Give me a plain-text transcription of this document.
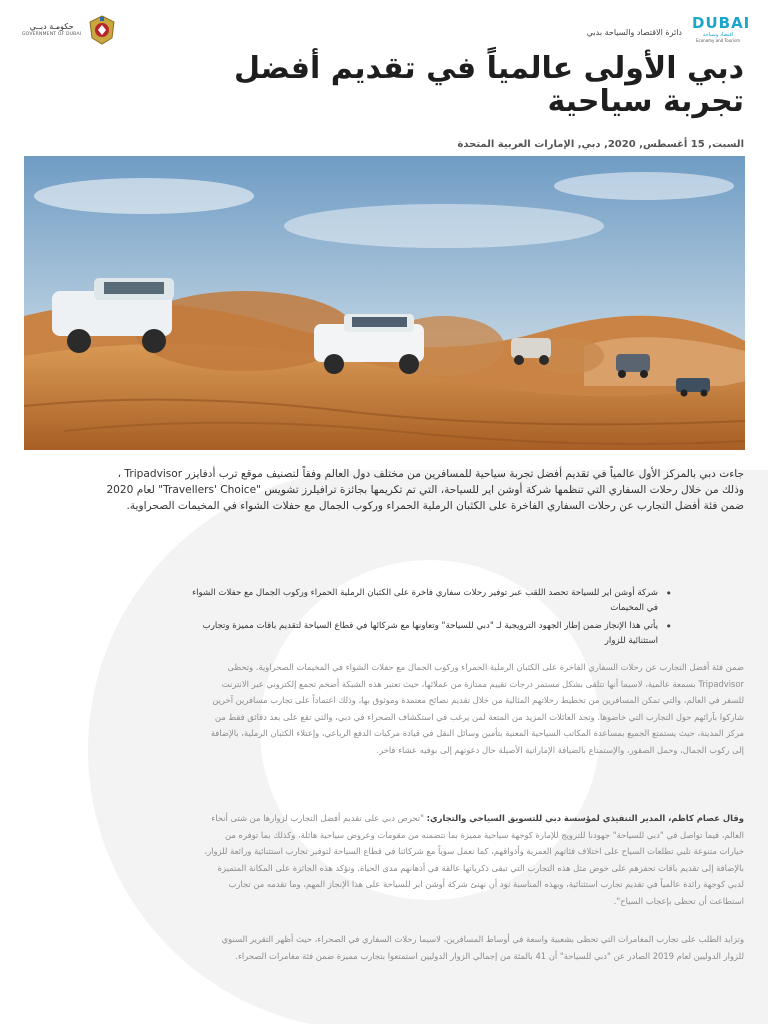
حكومـة دبــي
GOVERNMENT OF DUBAI	دائرة الاقتصاد والسياحة بدبي
DUBAI
اقتصاد وسياحة
Economy and Tourism
دبي الأولى عالمياً في تقديم أفضل تجربة سياحية
السبت, 15 أغسطس, 2020, دبي, الإمارات العربية المتحدة

جاءت دبي بالمركز الأول عالمياً في تقديم أفضل تجربة سياحية للمسافرين من مختلف دول العالم وفقاً لتصنيف موقع ترب أدفايزر Tripadvisor ، وذلك من خلال رحلات السفاري التي تنظمها شركة أوشن اير للسياحة، التي تم تكريمها بجائزة ترافيلرز تشويس "Travellers' Choice" لعام 2020 ضمن فئة أفضل التجارب عن رحلات السفاري الفاخرة على الكثبان الرملية الحمراء وركوب الجمال مع حفلات الشواء في المخيمات الصحراوية.

• شركة أوشن اير للسياحة تحصد اللقب عبر توفير رحلات سفاري فاخرة على الكثبان الرملية الحمراء وركوب الجمال مع حفلات الشواء في المخيمات
• يأتي هذا الإنجاز ضمن إطار الجهود الترويجية لـ "دبي للسياحة" وتعاونها مع شركائها في قطاع السياحة لتقديم باقات مميزة وتجارب استثنائية للزوار

ضمن فئة أفضل التجارب عن رحلات السفاري الفاخرة على الكثبان الرملية الحمراء وركوب الجمال مع حفلات الشواء في المخيمات الصحراوية. وتحظى Tripadvisor بسمعة عالمية، لاسيما أنها تتلقى بشكل مستمر درجات تقييم ممتازة من عملائها، حيث تعتبر هذه الشبكة أضخم تجمع إلكتروني عبر الانترنت للسفر في العالم، والتي تمكن المسافرين من تخطيط رحلاتهم المثالية من خلال تقديم نصائح معتمدة وموثوق بها، وذلك اعتماداً على تجارب مسافرين آخرين شاركوا بآرائهم حول التجارب التي خاضوها. وتجد العائلات المزيد من المتعة لمن يرغب في استكشاف الصحراء في دبي، والتي تقع على بعد دقائق فقط من مركز المدينة، حيث يستمتع الجميع بمساعدة المكاتب السياحية المعنية بتأمين وسائل النقل في قيادة مركبات الدفع الرباعي، وإعتلاء الكثبان الرملية، بالإضافة إلى ركوب الجمال، وحمل الصقور، والإستمتاع بالضيافة الإماراتية الأصيلة حال دعوتهم إلى بوفيه عشاء فاخر.

وقال عصام كاظم، المدير التنفيذي لمؤسسة دبي للتسويق السياحي والتجاري: "تحرص دبي على تقديم أفضل التجارب لزوارها من شتى أنحاء العالم، فيما تواصل في "دبي للسياحة" جهودنا للترويج للإمارة كوجهة سياحية مميزة بما تتضمنه من مقومات وعروض سياحية هائلة، وكذلك بما توفره من خيارات متنوعة تلبي تطلعات السياح على اختلاف فئاتهم العمرية وأذواقهم، كما نعمل سوياً مع شركائنا في قطاع السياحة لتوفير تجارب استثنائية ورائعة للزوار، بالإضافة إلى تقديم باقات تحفزهم على خوض مثل هذه التجارب التي تبقى ذكرياتها عالقة في أذهانهم مدى الحياة. ونؤكد هذه الجائزة على المكانة المتميزة لدبي كوجهة رائدة عالمياً في تقديم تجارب استثنائية، وبهذه المناسبة نود أن نهنئ شركة أوشن اير للسياحة على هذا الإنجاز المهم، وما تقدمه من تجارب استطاعت أن تحظى بإعجاب السياح".

وتزايد الطلب على تجارب المغامرات التي تحظى بشعبية واسعة في أوساط المسافرين، لاسيما رحلات السفاري في الصحراء، حيث أظهر التقرير السنوي للزوار الدوليين لعام 2019 الصادر عن "دبي للسياحة" أن 41 بالمئة من إجمالي الزوار الدوليين استمتعوا بتجارب مميزة ضمن فئة مغامرات الصحراء.
